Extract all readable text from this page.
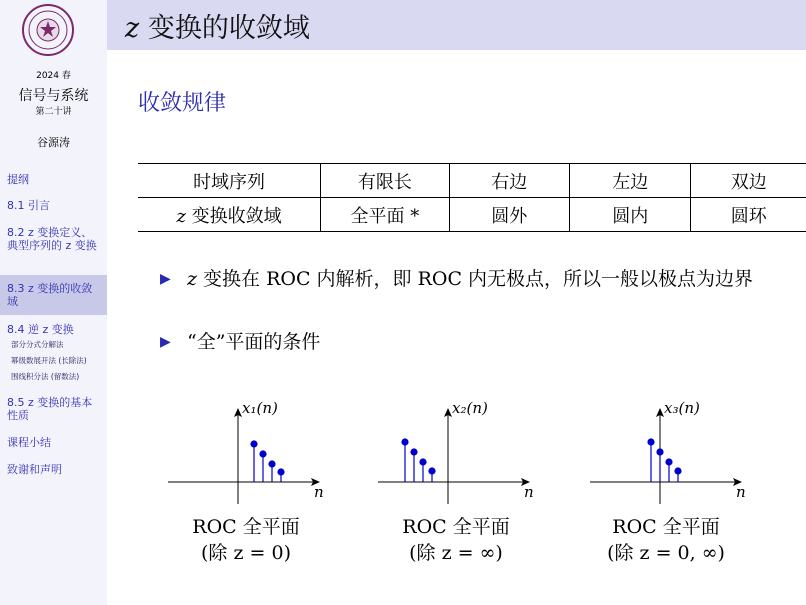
2024 春
信号与系统
第二十讲
谷源涛
提纲
8.1 引言
8.2 z 变换定义、典型序列的 z 变换
8.3 z 变换的收敛域
8.4 逆 z 变换
部分分式分解法
幂级数展开法 (长除法)
围线积分法 (留数法)
8.5 z 变换的基本性质
课程小结
致谢和声明
z 变换的收敛域
收敛规律
时域序列	有限长	右边	左边	双边
z 变换收敛域	全平面 *	圆外	圆内	圆环
▶ z 变换在 ROC 内解析，即 ROC 内无极点，所以一般以极点为边界
▶ “全”平面的条件
x₁(n)
n
ROC 全平面
(除 z = 0)
x₂(n)
n
ROC 全平面
(除 z = ∞)
x₃(n)
n
ROC 全平面
(除 z = 0, ∞)
